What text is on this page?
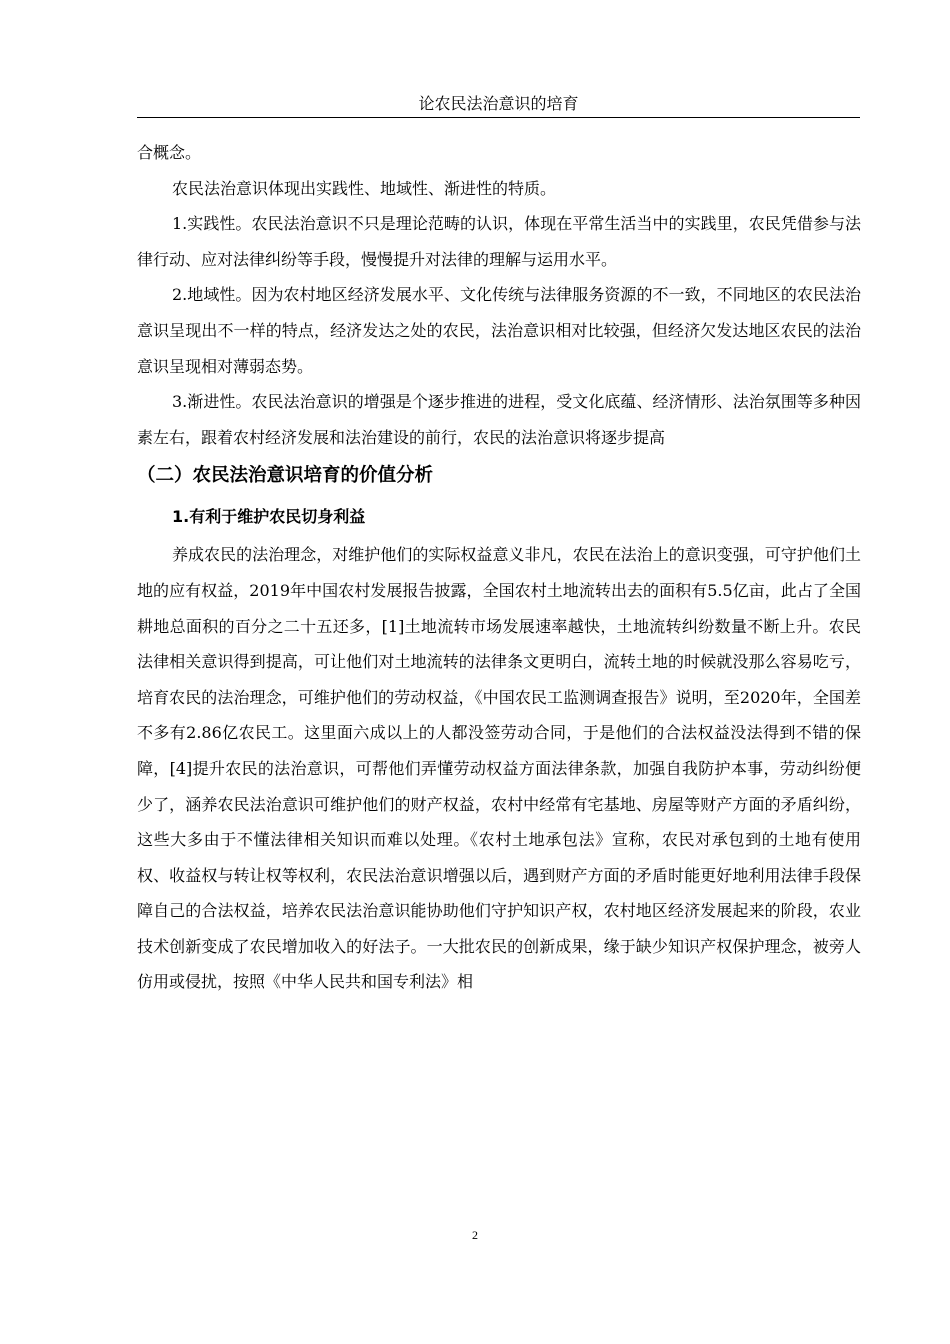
论农民法治意识的培育

合概念。

农民法治意识体现出实践性、地域性、渐进性的特质。

1.实践性。农民法治意识不只是理论范畴的认识，体现在平常生活当中的实践里，农民凭借参与法律行动、应对法律纠纷等手段，慢慢提升对法律的理解与运用水平。

2.地域性。因为农村地区经济发展水平、文化传统与法律服务资源的不一致，不同地区的农民法治意识呈现出不一样的特点，经济发达之处的农民，法治意识相对比较强，但经济欠发达地区农民的法治意识呈现相对薄弱态势。

3.渐进性。农民法治意识的增强是个逐步推进的进程，受文化底蕴、经济情形、法治氛围等多种因素左右，跟着农村经济发展和法治建设的前行，农民的法治意识将逐步提高

（二）农民法治意识培育的价值分析
1.有利于维护农民切身利益

养成农民的法治理念，对维护他们的实际权益意义非凡，农民在法治上的意识变强，可守护他们土地的应有权益，2019年中国农村发展报告披露，全国农村土地流转出去的面积有5.5亿亩，此占了全国耕地总面积的百分之二十五还多，[1]土地流转市场发展速率越快，土地流转纠纷数量不断上升。农民法律相关意识得到提高，可让他们对土地流转的法律条文更明白，流转土地的时候就没那么容易吃亏，培育农民的法治理念，可维护他们的劳动权益，《中国农民工监测调查报告》说明，至2020年，全国差不多有2.86亿农民工。这里面六成以上的人都没签劳动合同，于是他们的合法权益没法得到不错的保障，[4]提升农民的法治意识，可帮他们弄懂劳动权益方面法律条款，加强自我防护本事，劳动纠纷便少了，涵养农民法治意识可维护他们的财产权益，农村中经常有宅基地、房屋等财产方面的矛盾纠纷，这些大多由于不懂法律相关知识而难以处理。《农村土地承包法》宣称，农民对承包到的土地有使用权、收益权与转让权等权利，农民法治意识增强以后，遇到财产方面的矛盾时能更好地利用法律手段保障自己的合法权益，培养农民法治意识能协助他们守护知识产权，农村地区经济发展起来的阶段，农业技术创新变成了农民增加收入的好法子。一大批农民的创新成果，缘于缺少知识产权保护理念，被旁人仿用或侵扰，按照《中华人民共和国专利法》相

2
